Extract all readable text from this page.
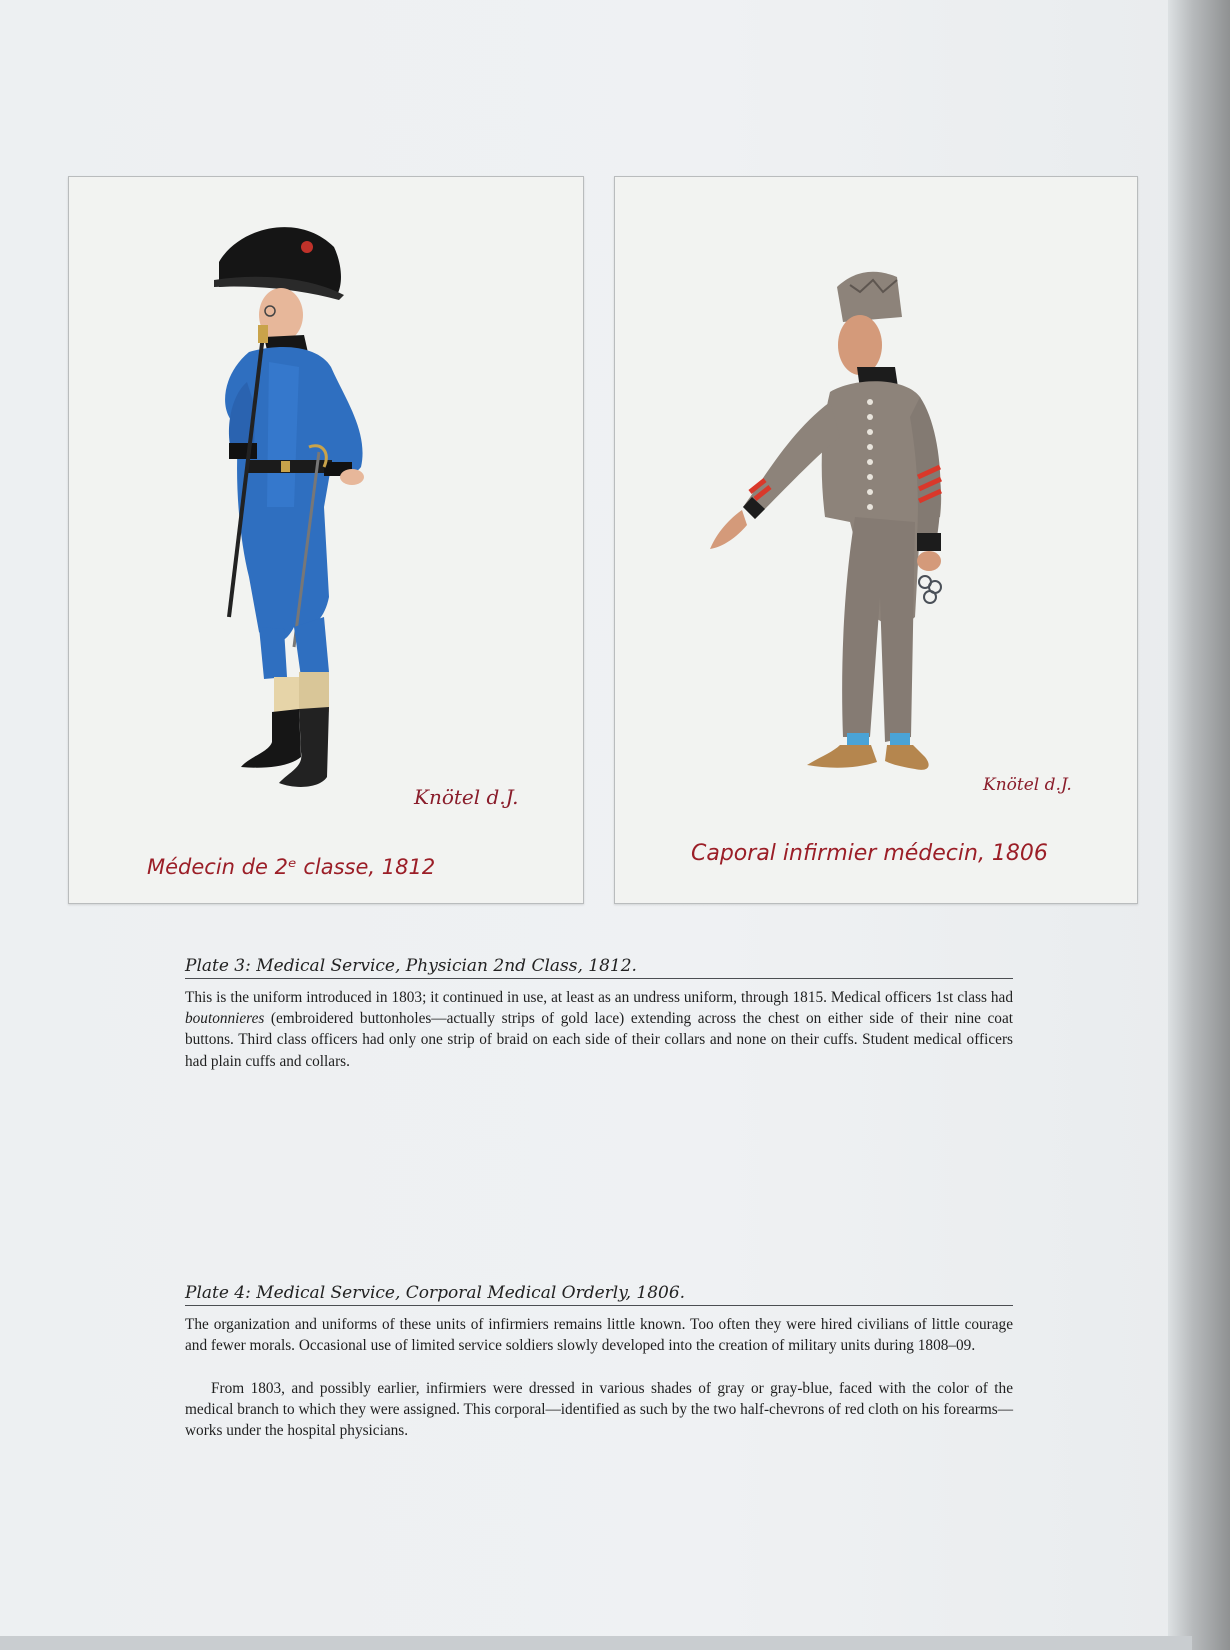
Knötel d.J.
Médecin de 2ᵉ classe, 1812
Knötel d.J.
Caporal infirmier médecin, 1806
Plate 3: Medical Service, Physician 2nd Class, 1812.
This is the uniform introduced in 1803; it continued in use, at least as an undress uniform, through 1815. Medical officers 1st class had boutonnieres (embroidered buttonholes—actually strips of gold lace) extending across the chest on either side of their nine coat buttons. Third class officers had only one strip of braid on each side of their collars and none on their cuffs. Student medical officers had plain cuffs and collars.
Plate 4: Medical Service, Corporal Medical Orderly, 1806.
The organization and uniforms of these units of infirmiers remains little known. Too often they were hired civilians of little courage and fewer morals. Occasional use of limited service soldiers slowly developed into the creation of military units during 1808–09.
From 1803, and possibly earlier, infirmiers were dressed in various shades of gray or gray-blue, faced with the color of the medical branch to which they were assigned. This corporal—identified as such by the two half-chevrons of red cloth on his forearms—works under the hospital physicians.
